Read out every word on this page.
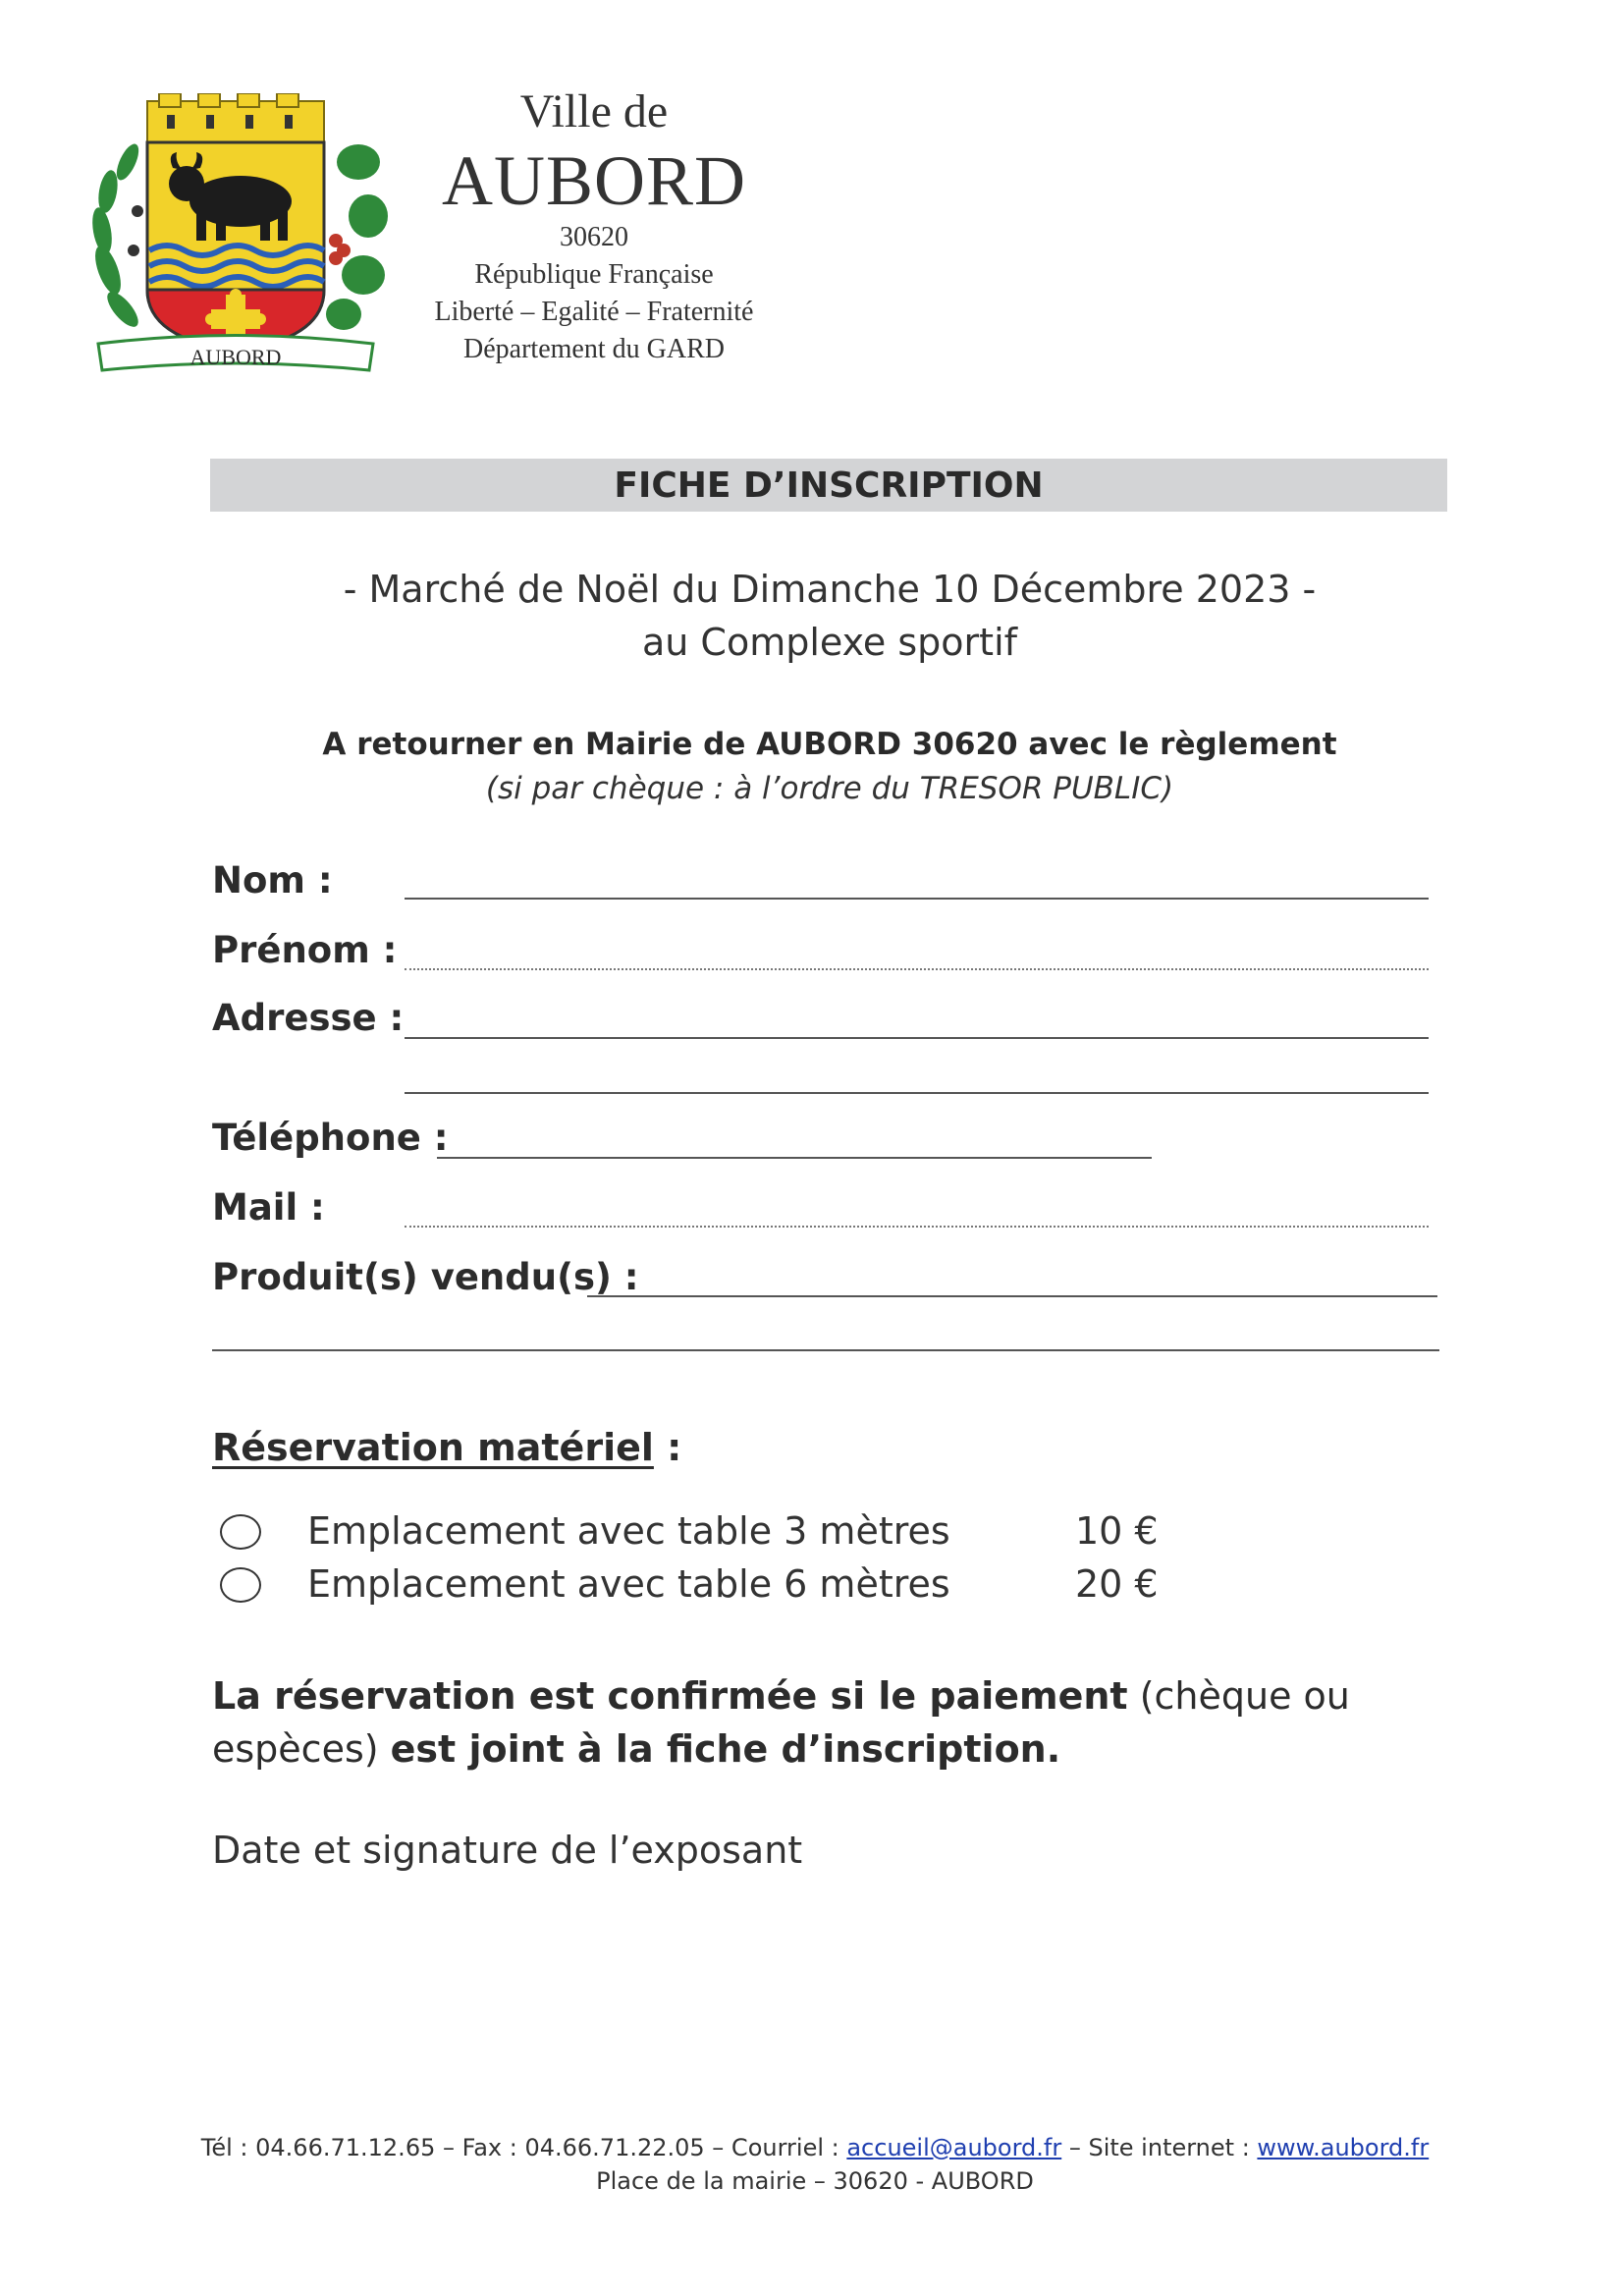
AUBORD
Ville de
AUBORD
30620
République Française
Liberté – Egalité – Fraternité
Département du GARD
FICHE D’INSCRIPTION
- Marché de Noël du Dimanche 10 Décembre 2023 -
au Complexe sportif
A retourner en Mairie de AUBORD 30620 avec le règlement
(si par chèque : à l’ordre du TRESOR PUBLIC)
Nom :
Prénom :
Adresse :
Téléphone :
Mail :
Produit(s) vendu(s) :
Réservation matériel :
Emplacement avec table 3 mètres	10 €
Emplacement avec table 6 mètres	20 €
La réservation est confirmée si le paiement (chèque ou espèces) est joint à la fiche d’inscription.
Date et signature de l’exposant
Tél : 04.66.71.12.65 – Fax : 04.66.71.22.05 – Courriel : accueil@aubord.fr – Site internet : www.aubord.fr
Place de la mairie – 30620 - AUBORD
